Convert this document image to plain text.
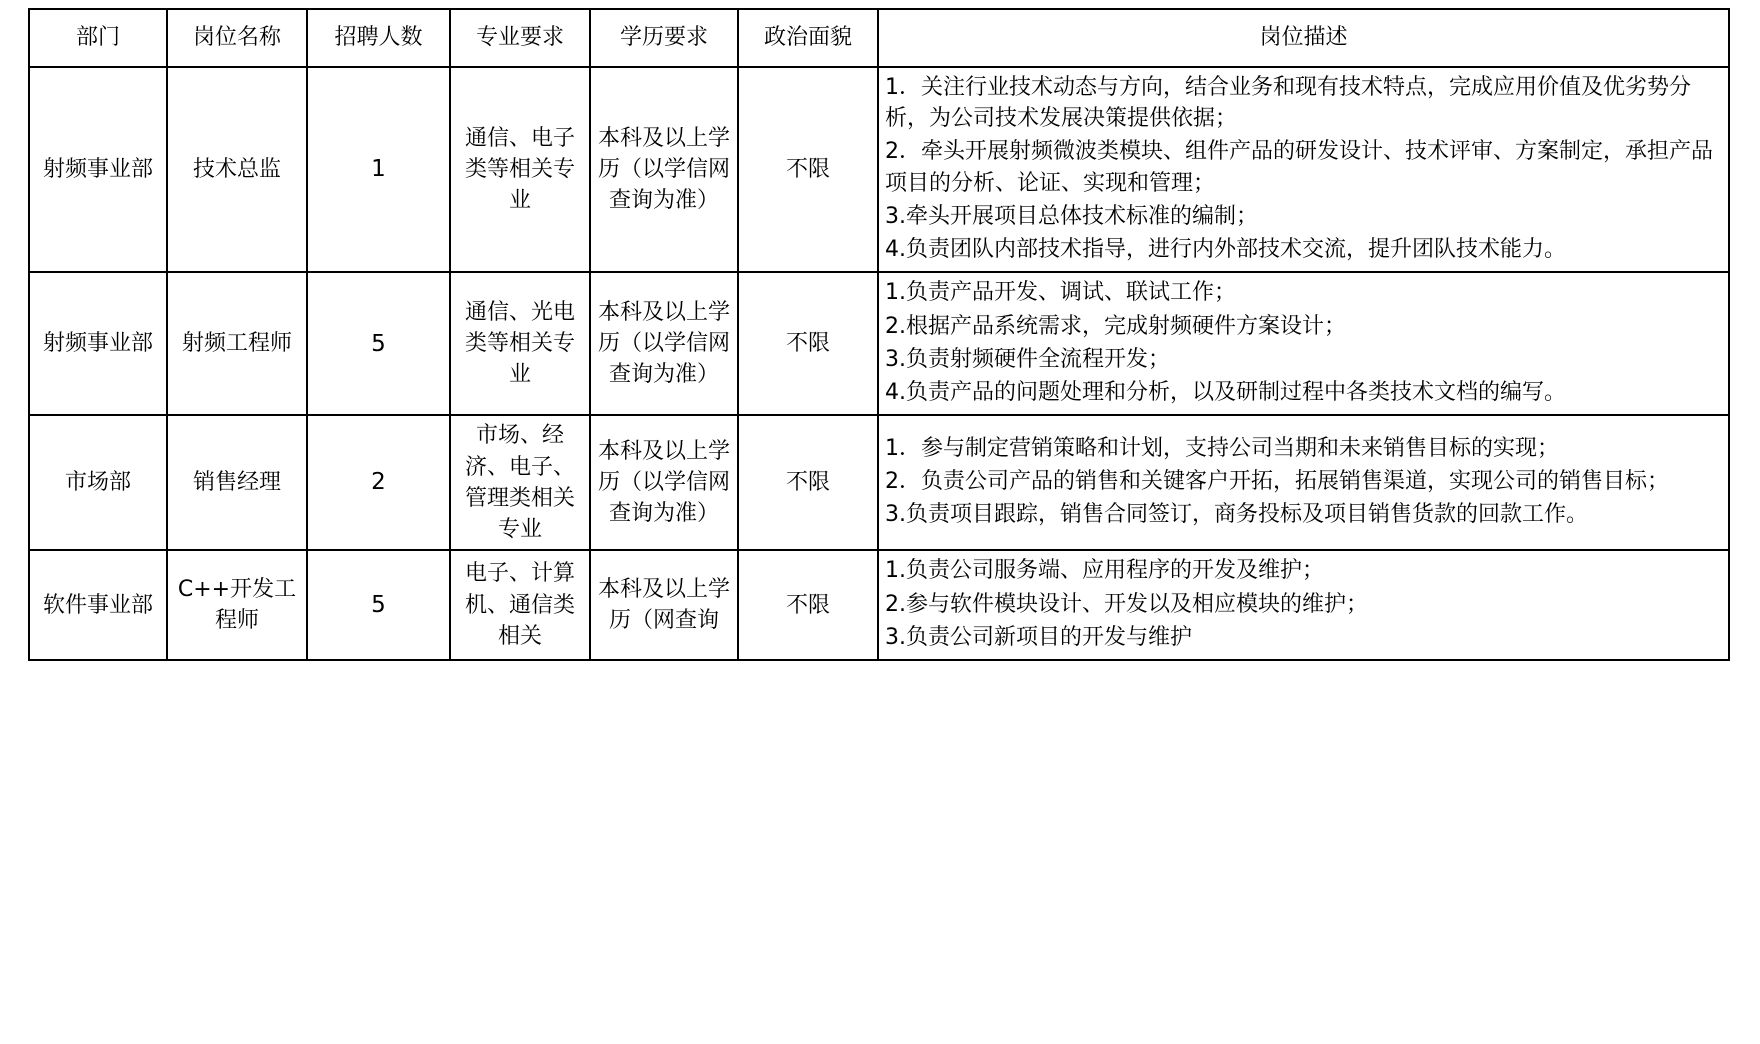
部门	岗位名称	招聘人数	专业要求	学历要求	政治面貌	岗位描述
射频事业部	技术总监	1	通信、电子类等相关专业	本科及以上学历（以学信网查询为准）	不限	1．关注行业技术动态与方向，结合业务和现有技术特点，完成应用价值及优劣势分析，为公司技术发展决策提供依据；

2．牵头开展射频微波类模块、组件产品的研发设计、技术评审、方案制定，承担产品项目的分析、论证、实现和管理；

3.牵头开展项目总体技术标准的编制；

4.负责团队内部技术指导，进行内外部技术交流，提升团队技术能力。

射频事业部	射频工程师	5	通信、光电类等相关专业	本科及以上学历（以学信网查询为准）	不限	1.负责产品开发、调试、联试工作；

2.根据产品系统需求，完成射频硬件方案设计；

3.负责射频硬件全流程开发；

4.负责产品的问题处理和分析，以及研制过程中各类技术文档的编写。

市场部	销售经理	2	市场、经济、电子、管理类相关专业	本科及以上学历（以学信网查询为准）	不限	1．参与制定营销策略和计划，支持公司当期和未来销售目标的实现；

2．负责公司产品的销售和关键客户开拓，拓展销售渠道，实现公司的销售目标；

3.负责项目跟踪，销售合同签订，商务投标及项目销售货款的回款工作。

软件事业部	C++开发工程师	5	电子、计算机、通信类相关	本科及以上学历（网查询	不限	1.负责公司服务端、应用程序的开发及维护；

2.参与软件模块设计、开发以及相应模块的维护；

3.负责公司新项目的开发与维护
